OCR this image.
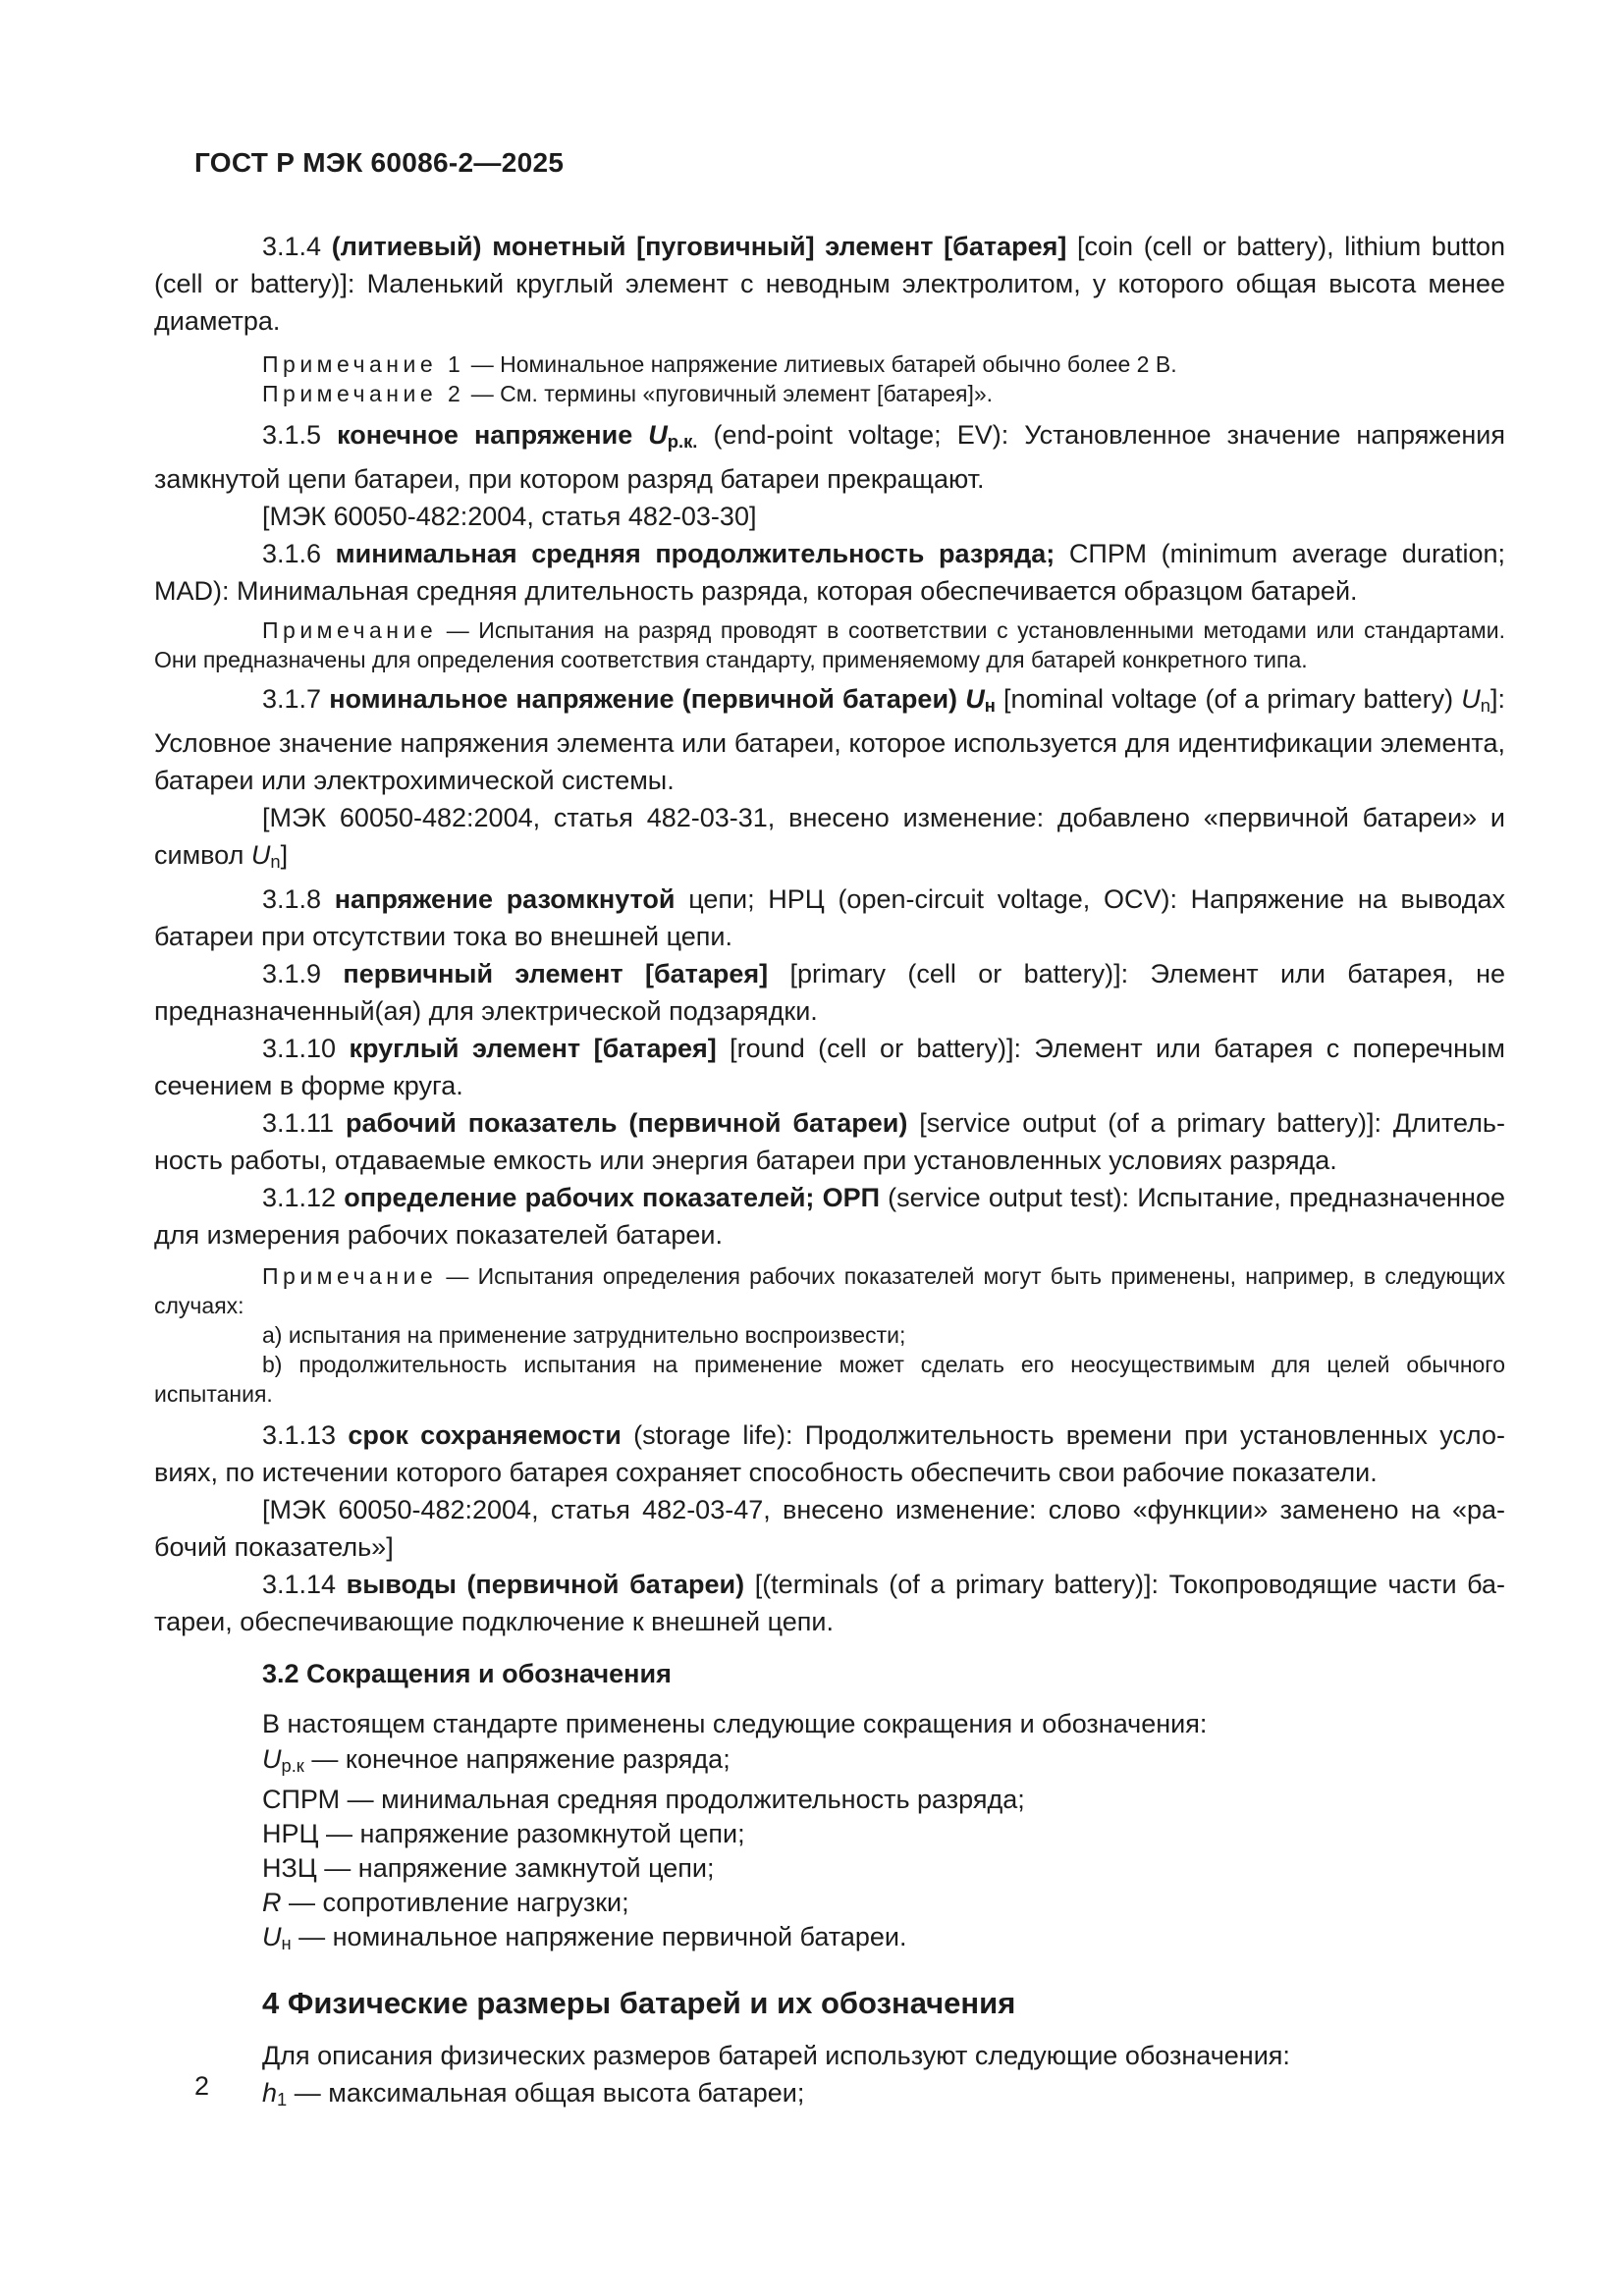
ГОСТ Р МЭК 60086-2—2025

3.1.4 (литиевый) монетный [пуговичный] элемент [батарея] [coin (cell or battery), lithium button (cell or battery)]: Маленький круглый элемент с неводным электролитом, у которого общая высота менее диаметра.

Примечание 1 — Номинальное напряжение литиевых батарей обычно более 2 В.

Примечание 2 — См. термины «пуговичный элемент [батарея]».

3.1.5 конечное напряжение $U_{р.к.}$ (end-point voltage; EV): Установленное значение напряжения замкнутой цепи батареи, при котором разряд батареи прекращают.

[МЭК 60050-482:2004, статья 482-03-30]

3.1.6 минимальная средняя продолжительность разряда; СПРМ (minimum average duration; MAD): Минимальная средняя длительность разряда, которая обеспечивается образцом батарей.

Примечание — Испытания на разряд проводят в соответствии с установленными методами или стандартами. Они предназначены для определения соответствия стандарту, применяемому для батарей конкретного типа.

3.1.7 номинальное напряжение (первичной батареи) $U_н$ [nominal voltage (of a primary battery) $U_n$]: Условное значение напряжения элемента или батареи, которое используется для идентификации элемента, батареи или электрохимической системы.

[МЭК 60050-482:2004, статья 482-03-31, внесено изменение: добавлено «первичной батареи» и символ $U_n$]

3.1.8 напряжение разомкнутой цепи; НРЦ (open-circuit voltage, OCV): Напряжение на выводах батареи при отсутствии тока во внешней цепи.

3.1.9 первичный элемент [батарея] [primary (cell or battery)]: Элемент или батарея, не предназначенный(ая) для электрической подзарядки.

3.1.10 круглый элемент [батарея] [round (cell or battery)]: Элемент или батарея с поперечным сечением в форме круга.

3.1.11 рабочий показатель (первичной батареи) [service output (of a primary battery)]: Длительность работы, отдаваемые емкость или энергия батареи при установленных условиях разряда.

3.1.12 определение рабочих показателей; ОРП (service output test): Испытание, предназначенное для измерения рабочих показателей батареи.

Примечание — Испытания определения рабочих показателей могут быть применены, например, в следующих случаях:

a) испытания на применение затруднительно воспроизвести;

b) продолжительность испытания на применение может сделать его неосуществимым для целей обычного испытания.

3.1.13 срок сохраняемости (storage life): Продолжительность времени при установленных условиях, по истечении которого батарея сохраняет способность обеспечить свои рабочие показатели.

[МЭК 60050-482:2004, статья 482-03-47, внесено изменение: слово «функции» заменено на «рабочий показатель»]

3.1.14 выводы (первичной батареи) [(terminals (of a primary battery)]: Токопроводящие части батареи, обеспечивающие подключение к внешней цепи.

3.2 Сокращения и обозначения

В настоящем стандарте применены следующие сокращения и обозначения:

$U_{р.к}$ — конечное напряжение разряда;

СПРМ — минимальная средняя продолжительность разряда;

НРЦ — напряжение разомкнутой цепи;

НЗЦ — напряжение замкнутой цепи;

R — сопротивление нагрузки;

$U_н$ — номинальное напряжение первичной батареи.

4 Физические размеры батарей и их обозначения

Для описания физических размеров батарей используют следующие обозначения:

$h_1$ — максимальная общая высота батареи;

2
